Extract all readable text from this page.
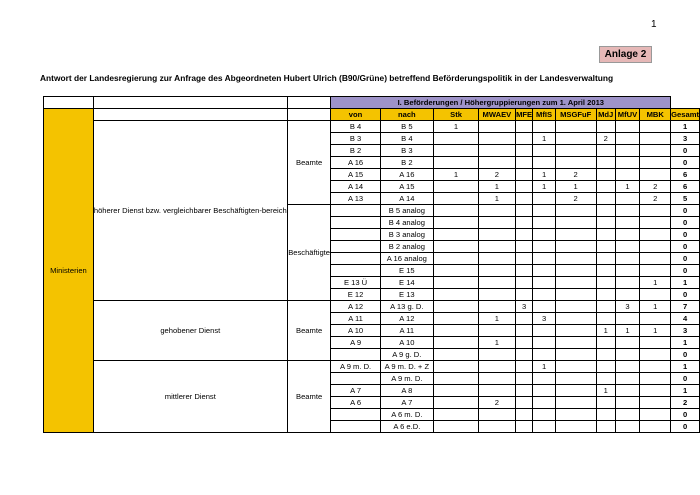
1
Anlage 2
Antwort der Landesregierung zur Anfrage des Abgeordneten Hubert Ulrich (B90/Grüne) betreffend Beförderungspolitik in der Landesverwaltung
			I. Beförderungen / Höhergruppierungen zum 1. April 2013										
Ministerien			von	nach	Stk	MWAEV	MFE	MfIS	MSGFuF	MdJ	MfUV	MBK	Gesamt
	höherer Dienst bzw. vergleichbarer Beschäftigten-bereich	Beamte	B 4	B 5	1								1
			B 3	B 4				1		2			3
			B 2	B 3									0
			A 16	B 2									0
			A 15	A 16	1	2		1	2				6
			A 14	A 15		1		1	1		1	2	6
			A 13	A 14		1			2			2	5
		Beschäftigte		B 5 analog									0
				B 4 analog									0
				B 3 analog									0
				B 2 analog									0
				A 16 analog									0
				E 15									0
			E 13 Ü	E 14								1	1
			E 12	E 13									0
	gehobener Dienst	Beamte	A 12	A 13 g. D.			3				3	1	7
			A 11	A 12		1		3					4
			A 10	A 11						1	1	1	3
			A 9	A 10		1							1
				A 9 g. D.									0
	mittlerer Dienst	Beamte	A 9 m. D.	A 9 m. D. + Z				1					1
				A 9 m. D.									0
			A 7	A 8						1			1
			A 6	A 7		2							2
				A 6 m. D.									0
				A 6 e.D.									0
